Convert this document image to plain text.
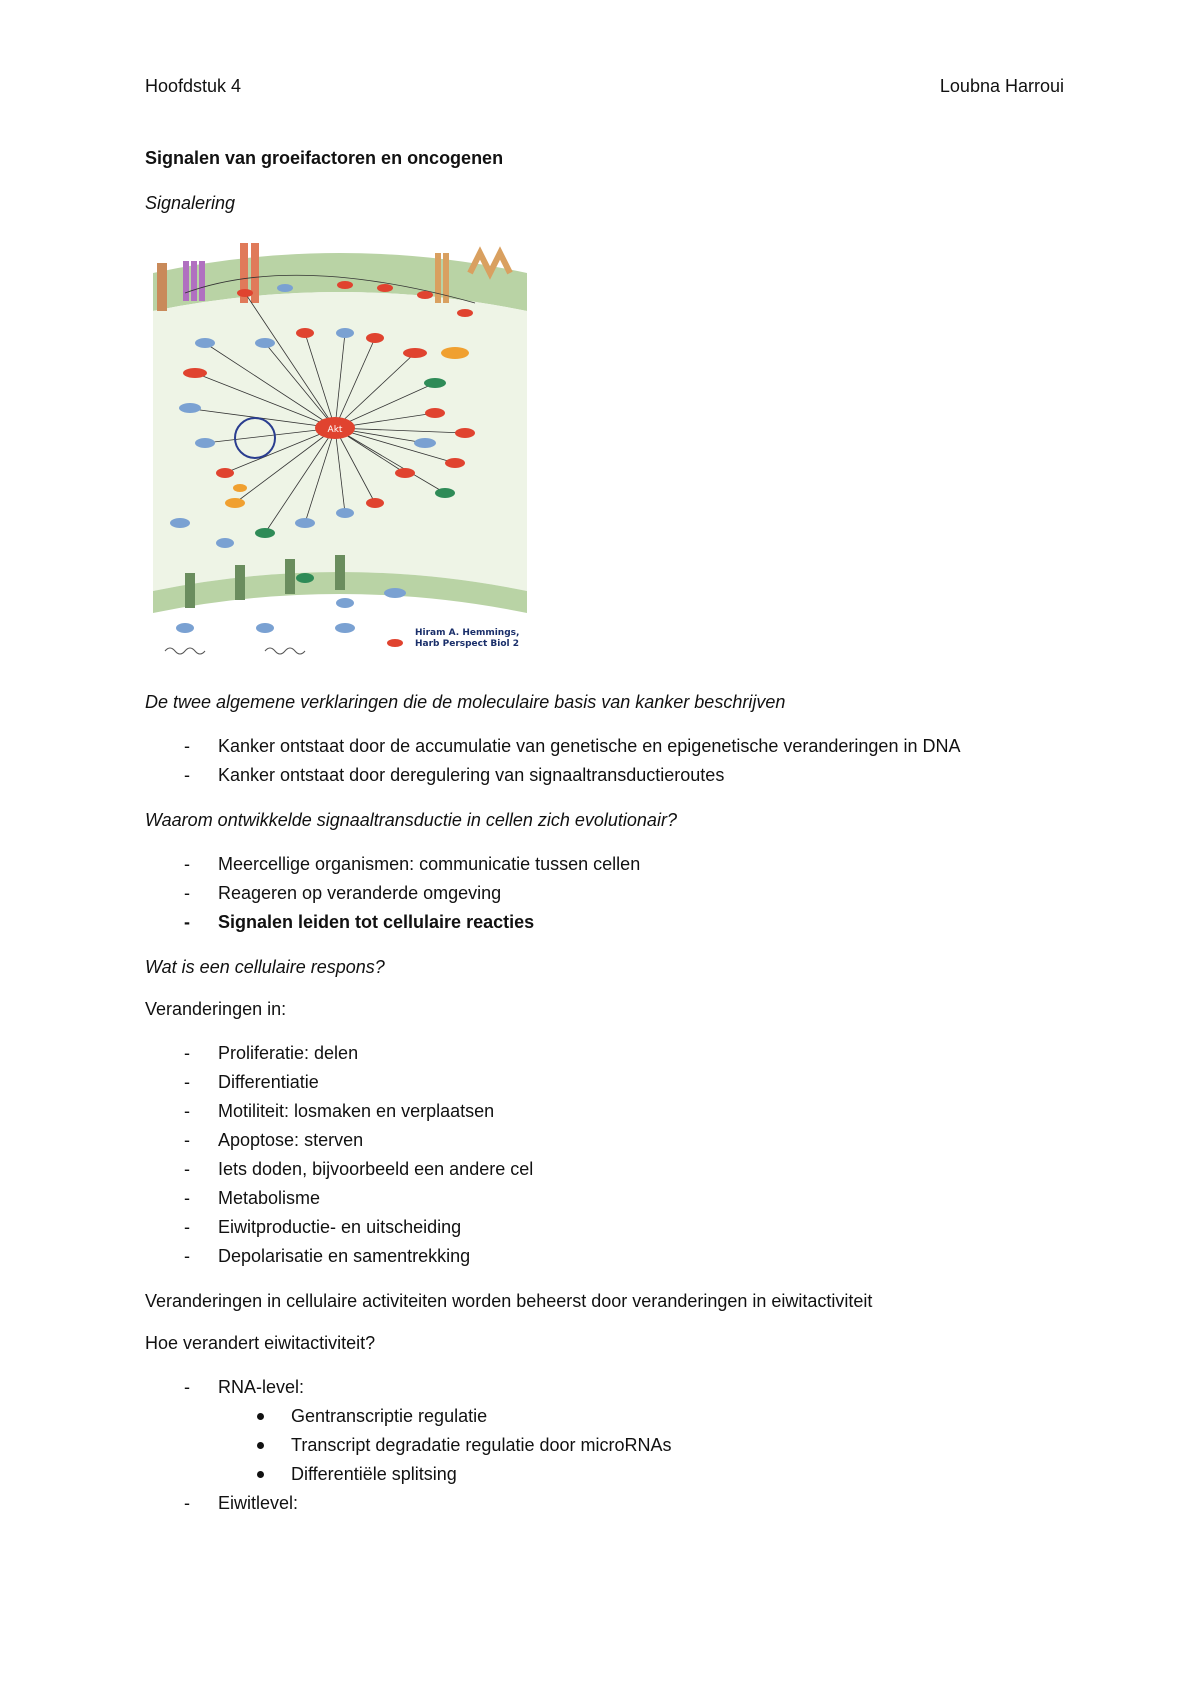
Hoofdstuk 4	Loubna Harroui
Signalen van groeifactoren en oncogenen
Signalering
Akt
Hiram A. Hemmings,
Harb Perspect Biol 2
De twee algemene verklaringen die de moleculaire basis van kanker beschrijven
- Kanker ontstaat door de accumulatie van genetische en epigenetische veranderingen in DNA
- Kanker ontstaat door deregulering van signaaltransductieroutes
Waarom ontwikkelde signaaltransductie in cellen zich evolutionair?
- Meercellige organismen: communicatie tussen cellen
- Reageren op veranderde omgeving
- Signalen leiden tot cellulaire reacties
Wat is een cellulaire respons?
Veranderingen in:
- Proliferatie: delen
- Differentiatie
- Motiliteit: losmaken en verplaatsen
- Apoptose: sterven
- Iets doden, bijvoorbeeld een andere cel
- Metabolisme
- Eiwitproductie- en uitscheiding
- Depolarisatie en samentrekking
Veranderingen in cellulaire activiteiten worden beheerst door veranderingen in eiwitactiviteit
Hoe verandert eiwitactiviteit?
- RNA-level:
Gentranscriptie regulatie
Transcript degradatie regulatie door microRNAs
Differentiële splitsing
- Eiwitlevel:
